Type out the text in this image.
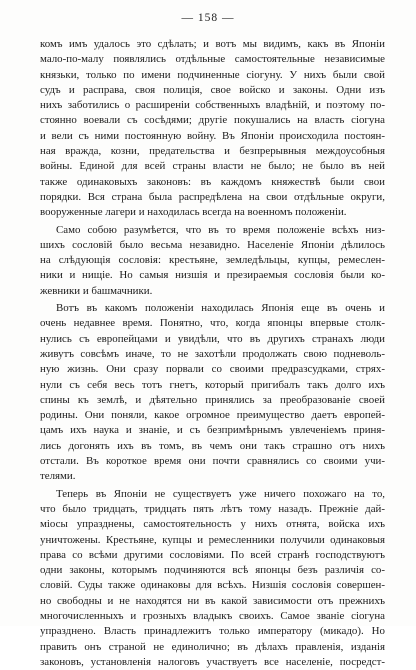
— 158 —
комъ имъ удалось это сдѣлать; и вотъ мы видимъ, какъ въ Японіи
мало-по-малу появлялись отдѣльные самостоятельные независимые
князьки, только по имени подчиненные сіогуну. У нихъ были свой
судъ и расправа, своя полиція, свое войско и законы. Одни изъ
нихъ заботились о расширеніи собственныхъ владѣній, и поэтому по-
стоянно воевали съ сосѣдями; другіе покушались на власть сіогуна
и вели съ ними постоянную войну. Въ Японіи происходила постоян-
ная вражда, козни, предательства и безпрерывныя междоусобныя
войны. Единой для всей страны власти не было; не было въ ней
также одинаковыхъ законовъ: въ каждомъ княжествѣ были свои
порядки. Вся страна была распредѣлена на свои отдѣльные округи,
вооруженные лагери и находилась всегда на военномъ положеніи.
Само собою разумѣется, что въ то время положеніе всѣхъ низ-
шихъ сословій было весьма незавидно. Населеніе Японіи дѣлилось
на слѣдующія сословія: крестьяне, земледѣльцы, купцы, ремеслен-
ники и нищіе. Но самыя низшія и презираемыя сословія были ко-
жевники и башмачники.
Вотъ въ какомъ положеніи находилась Японія еще въ очень и
очень недавнее время. Понятно, что, когда японцы впервые столк-
нулись съ европейцами и увидѣли, что въ другихъ странахъ люди
живутъ совсѣмъ иначе, то не захотѣли продолжать свою подневоль-
ную жизнь. Они сразу порвали со своими предразсудками, стрях-
нули съ себя весь тотъ гнетъ, который пригибалъ такъ долго ихъ
спины къ землѣ, и дѣятельно принялись за преобразованіе своей
родины. Они поняли, какое огромное преимущество даетъ европей-
цамъ ихъ наука и знаніе, и съ безпримѣрнымъ увлеченіемъ приня-
лись догонять ихъ въ томъ, въ чемъ они такъ страшно отъ нихъ
отстали. Въ короткое время они почти сравнялись со своими учи-
телями.
Теперь въ Японіи не существуетъ уже ничего похожаго на то,
что было тридцать, тридцать пять лѣтъ тому назадъ. Прежніе дай-
міосы упразднены, самостоятельность у нихъ отнята, войска ихъ
уничтожены. Крестьяне, купцы и ремесленники получили одинаковыя
права со всѣми другими сословіями. По всей странѣ господствуютъ
одни законы, которымъ подчиняются всѣ японцы безъ различія со-
словій. Суды также одинаковы для всѣхъ. Низшія сословія совершен-
но свободны и не находятся ни въ какой зависимости отъ прежнихъ
многочисленныхъ и грозныхъ владыкъ своихъ. Самое званіе сіогуна
упразднено. Власть принадлежитъ только императору (микадо). Но
править онъ страной не единолично; въ дѣлахъ правленія, изданія
законовъ, установленія налоговъ участвуетъ все населеніе, посредст-
